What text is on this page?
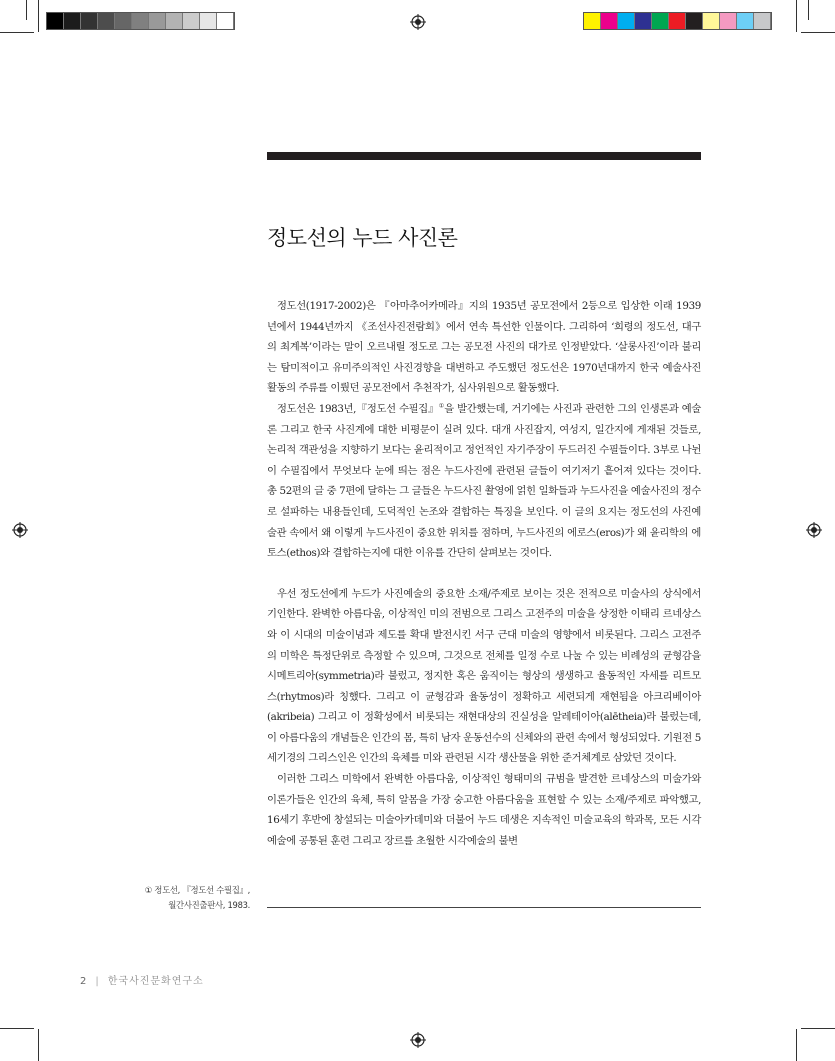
정도선의 누드 사진론

정도선(1917-2002)은 『아마추어카메라』지의 1935년 공모전에서 2등으로 입상한 이래 1939년에서 1944년까지 《조선사진전람회》에서 연속 특선한 인물이다. 그리하여 ‘희령의 정도선, 대구의 최계복’이라는 말이 오르내릴 정도로 그는 공모전 사진의 대가로 인정받았다. ‘살롱사진’이라 불리는 탐미적이고 유미주의적인 사진경향을 대변하고 주도했던 정도선은 1970년대까지 한국 예술사진 활동의 주류를 이뤘던 공모전에서 추천작가, 심사위원으로 활동했다.

정도선은 1983년,『정도선 수필집』①을 발간했는데, 거기에는 사진과 관련한 그의 인생론과 예술론 그리고 한국 사진계에 대한 비평문이 실려 있다. 대개 사진잡지, 여성지, 일간지에 게재된 것들로, 논리적 객관성을 지향하기 보다는 윤리적이고 정언적인 자기주장이 두드러진 수필들이다. 3부로 나뉜 이 수필집에서 무엇보다 눈에 띄는 점은 누드사진에 관련된 글들이 여기저기 흩어져 있다는 것이다. 총 52편의 글 중 7편에 달하는 그 글들은 누드사진 촬영에 얽힌 일화들과 누드사진을 예술사진의 정수로 설파하는 내용들인데, 도덕적인 논조와 결합하는 특징을 보인다. 이 글의 요지는 정도선의 사진예술관 속에서 왜 이렇게 누드사진이 중요한 위치를 점하며, 누드사진의 에로스(eros)가 왜 윤리학의 에토스(ethos)와 결합하는지에 대한 이유를 간단히 살펴보는 것이다.

우선 정도선에게 누드가 사진예술의 중요한 소재/주제로 보이는 것은 전적으로 미술사의 상식에서 기인한다. 완벽한 아름다움, 이상적인 미의 전범으로 그리스 고전주의 미술을 상정한 이태리 르네상스와 이 시대의 미술이념과 제도를 확대 발전시킨 서구 근대 미술의 영향에서 비롯된다. 그리스 고전주의 미학은 특정단위로 측정할 수 있으며, 그것으로 전체를 일정 수로 나눌 수 있는 비례성의 균형감을 시메트리아(symmetria)라 불렀고, 정지한 혹은 움직이는 형상의 생생하고 율동적인 자세를 리트모스(rhytmos)라 칭했다. 그리고 이 균형감과 율동성이 정확하고 세련되게 재현됨을 아크리베이아(akribeia) 그리고 이 정확성에서 비롯되는 재현대상의 진실성을 알레테이아(alētheia)라 불렀는데, 이 아름다움의 개념들은 인간의 몸, 특히 남자 운동선수의 신체와의 관련 속에서 형성되었다. 기원전 5세기경의 그리스인은 인간의 육체를 미와 관련된 시각 생산물을 위한 준거체계로 삼았던 것이다.

이러한 그리스 미학에서 완벽한 아름다움, 이상적인 형태미의 규범을 발견한 르네상스의 미술가와 이론가들은 인간의 육체, 특히 알몸을 가장 숭고한 아름다움을 표현할 수 있는 소재/주제로 파악했고, 16세기 후반에 창설되는 미술아카데미와 더불어 누드 데생은 지속적인 미술교육의 학과목, 모든 시각예술에 공통된 훈련 그리고 장르를 초월한 시각예술의 불변

① 정도선, 『정도선 수필집』,
월간사진출판사, 1983.
2 | 한국사진문화연구소
